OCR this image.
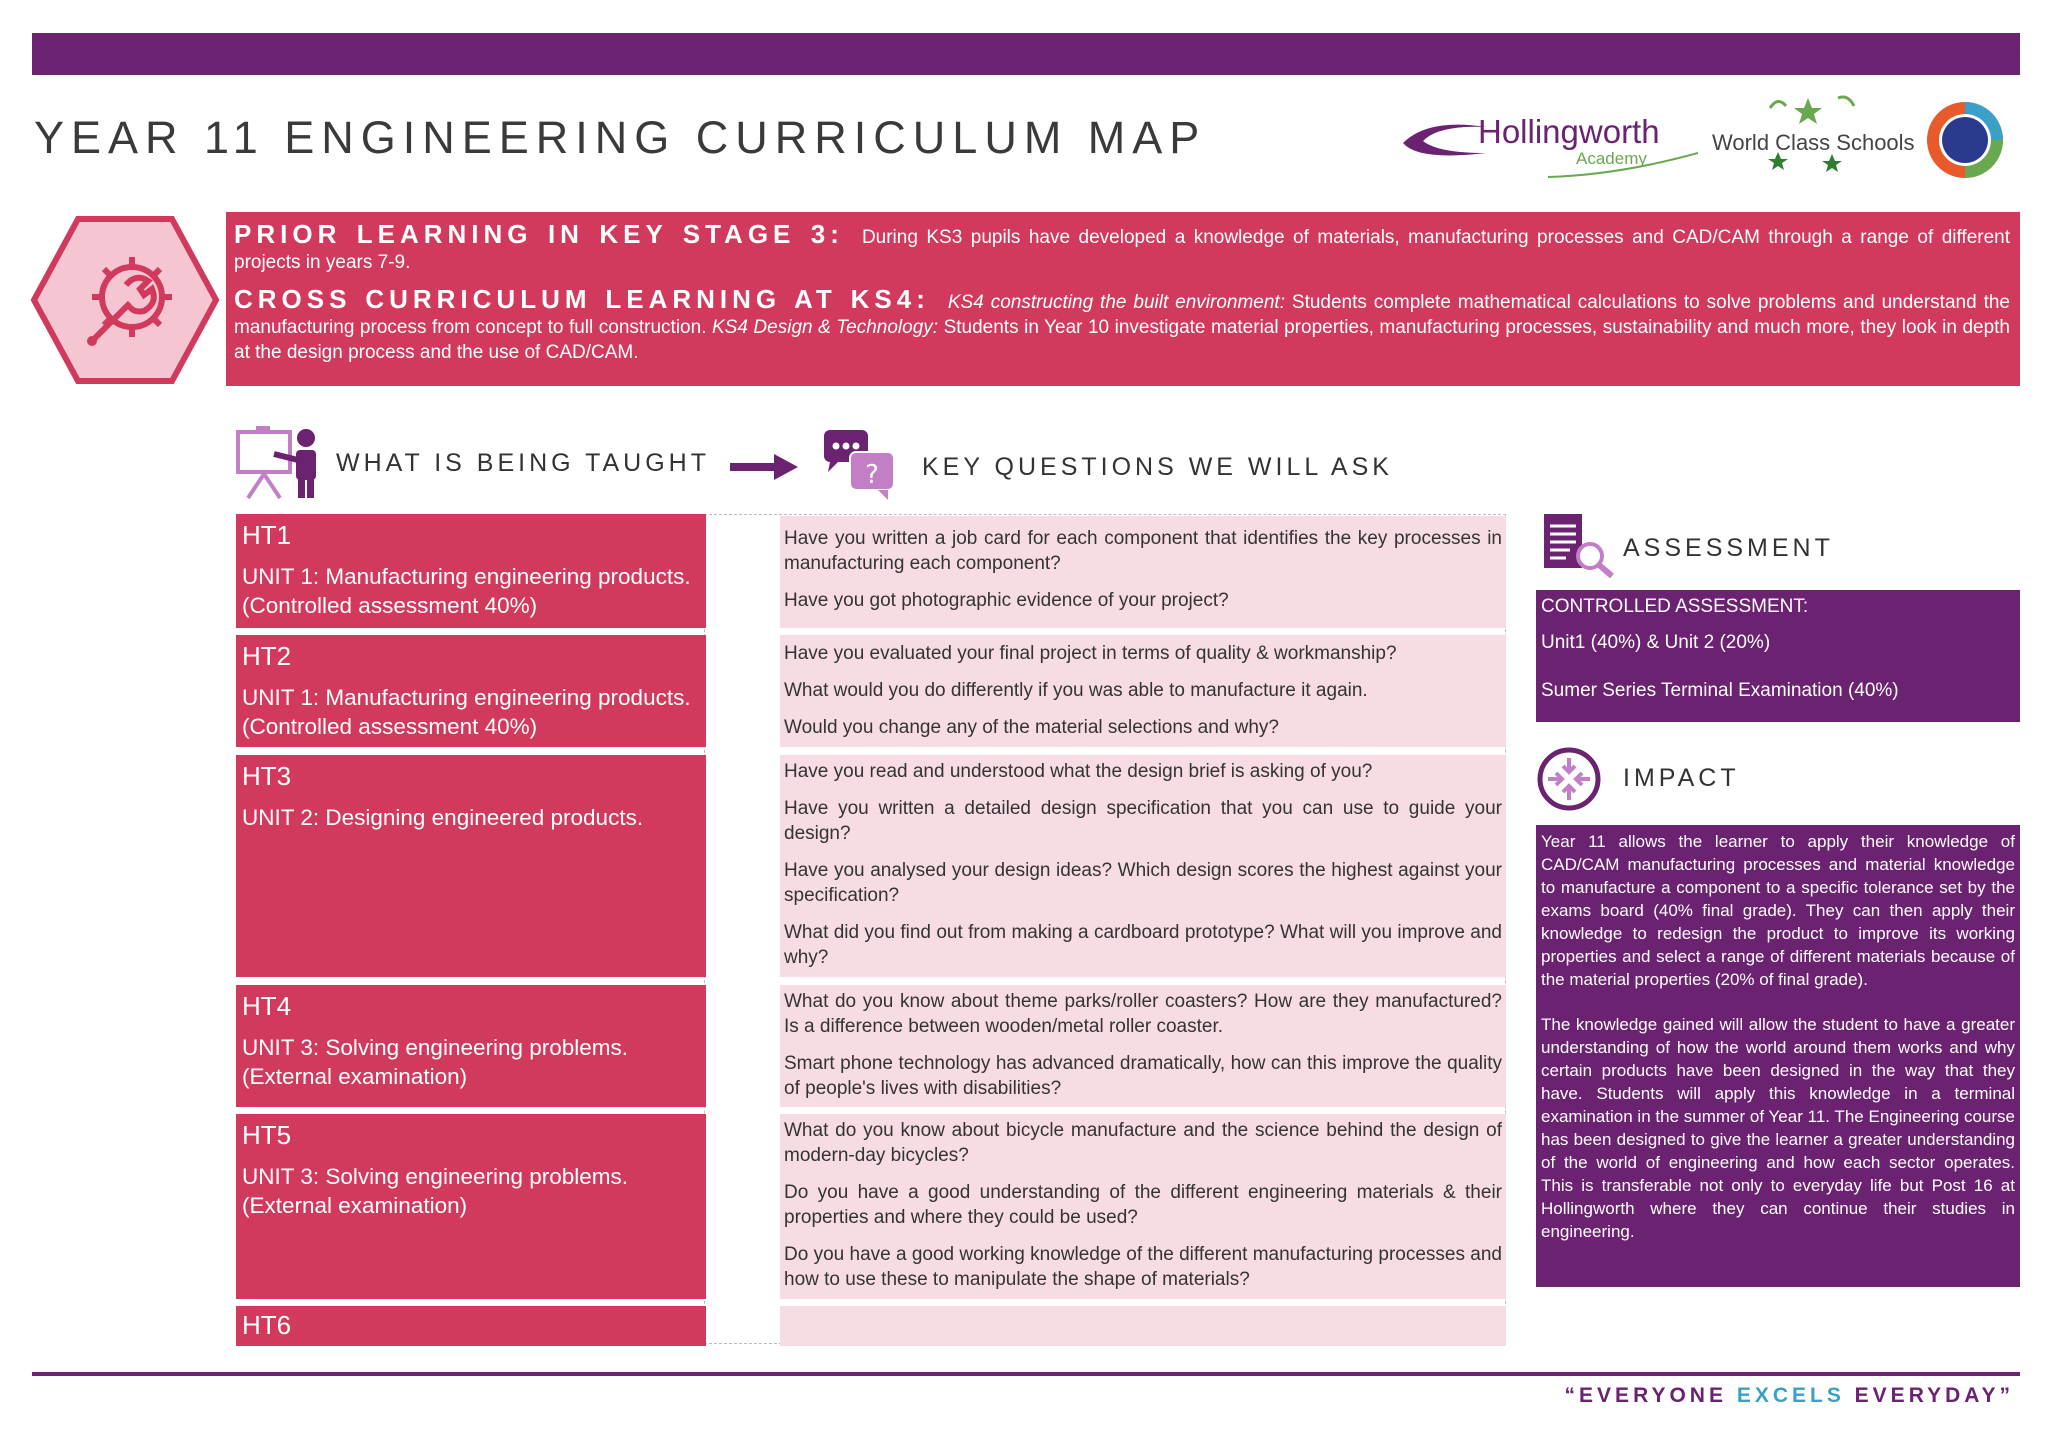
YEAR 11 ENGINEERING CURRICULUM MAP	Hollingworth
Academy
World Class Schools

PRIOR LEARNING IN KEY STAGE 3: During KS3 pupils have developed a knowledge of materials, manufacturing processes and CAD/CAM through a range of different projects in years 7-9.

CROSS CURRICULUM LEARNING AT KS4: KS4 constructing the built environment: Students complete mathematical calculations to solve problems and understand the manufacturing process from concept to full construction. KS4 Design & Technology: Students in Year 10 investigate material properties, manufacturing processes, sustainability and much more, they look in depth at the design process and the use of CAD/CAM.

WHAT IS BEING TAUGHT	? KEY QUESTIONS WE WILL ASK
HT1
UNIT 1: Manufacturing engineering products. (Controlled assessment 40%)
HT2
UNIT 1: Manufacturing engineering products. (Controlled assessment 40%)
HT3
UNIT 2: Designing engineered products.
HT4
UNIT 3: Solving engineering problems. (External examination)
HT5
UNIT 3: Solving engineering problems. (External examination)
HT6

Have you written a job card for each component that identifies the key processes in manufacturing each component?

Have you got photographic evidence of your project?

Have you evaluated your final project in terms of quality & workmanship?

What would you do differently if you was able to manufacture it again.

Would you change any of the material selections and why?

Have you read and understood what the design brief is asking of you?

Have you written a detailed design specification that you can use to guide your design?

Have you analysed your design ideas? Which design scores the highest against your specification?

What did you find out from making a cardboard prototype? What will you improve and why?

What do you know about theme parks/roller coasters? How are they manufactured? Is a difference between wooden/metal roller coaster.

Smart phone technology has advanced dramatically, how can this improve the quality of people's lives with disabilities?

What do you know about bicycle manufacture and the science behind the design of modern-day bicycles?

Do you have a good understanding of the different engineering materials & their properties and where they could be used?

Do you have a good working knowledge of the different manufacturing processes and how to use these to manipulate the shape of materials?

ASSESSMENT
CONTROLLED ASSESSMENT:
Unit1 (40%) & Unit 2 (20%)
Sumer Series Terminal Examination (40%)
IMPACT

Year 11 allows the learner to apply their knowledge of CAD/CAM manufacturing processes and material knowledge to manufacture a component to a specific tolerance set by the exams board (40% final grade). They can then apply their knowledge to redesign the product to improve its working properties and select a range of different materials because of the material properties (20% of final grade).

The knowledge gained will allow the student to have a greater understanding of how the world around them works and why certain products have been designed in the way that they have. Students will apply this knowledge in a terminal examination in the summer of Year 11. The Engineering course has been designed to give the learner a greater understanding of the world of engineering and how each sector operates. This is transferable not only to everyday life but Post 16 at Hollingworth where they can continue their studies in engineering.

“EVERYONE EXCELS EVERYDAY”
